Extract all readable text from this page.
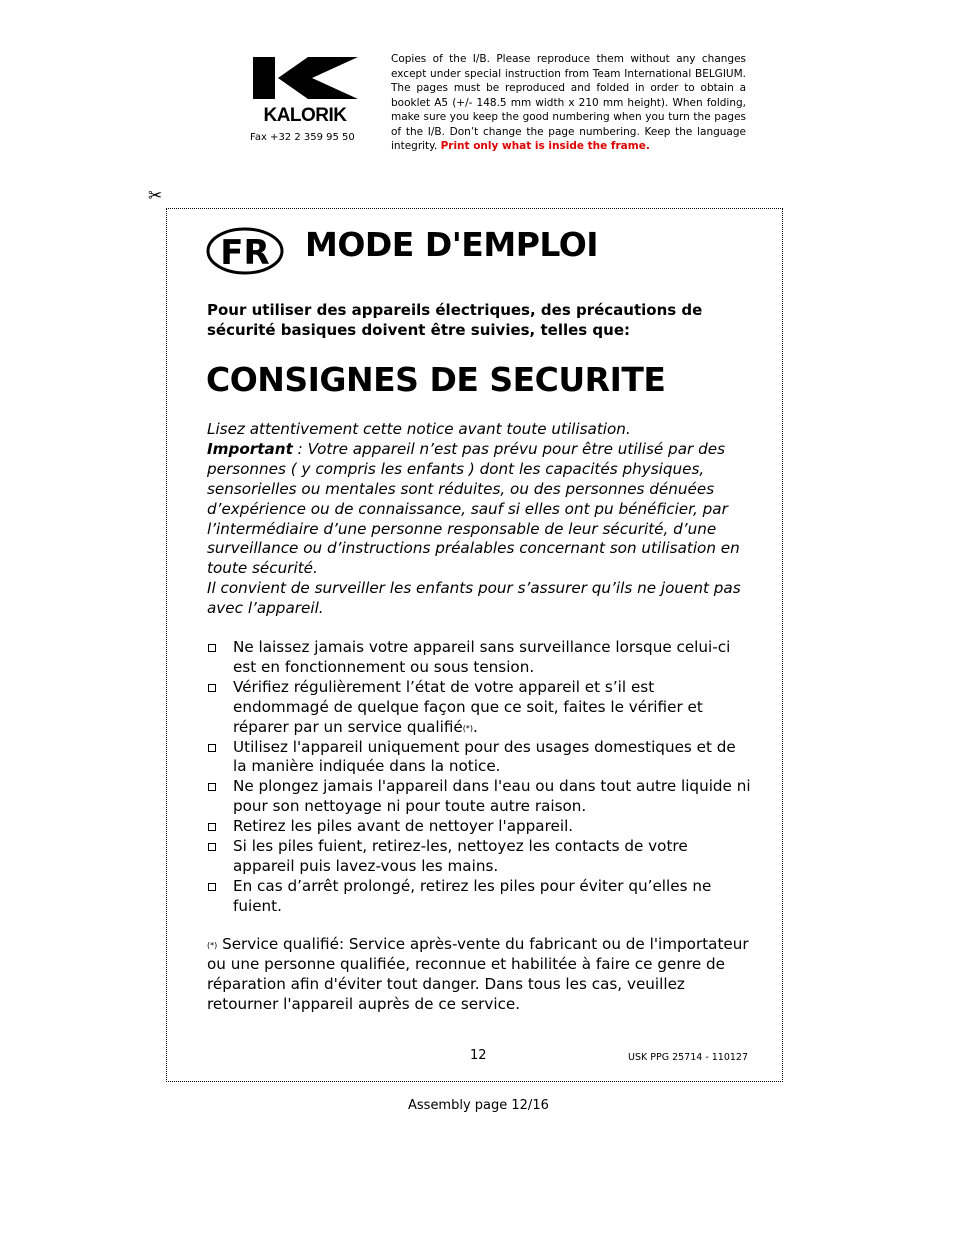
KALORIK
Fax +32 2 359 95 50
Copies of the I/B. Please reproduce them without any changes except under special instruction from Team International BELGIUM. The pages must be reproduced and folded in order to obtain a booklet A5 (+/- 148.5 mm width x 210 mm height). When folding, make sure you keep the good numbering when you turn the pages of the I/B. Don’t change the page numbering. Keep the language integrity. Print only what is inside the frame.
✂
FR MODE D'EMPLOI
Pour utiliser des appareils électriques, des précautions de sécurité basiques doivent être suivies, telles que:
CONSIGNES DE SECURITE

Lisez attentivement cette notice avant toute utilisation.

Important : Votre appareil n’est pas prévu pour être utilisé par des personnes ( y compris les enfants ) dont les capacités physiques, sensorielles ou mentales sont réduites, ou des personnes dénuées d’expérience ou de connaissance, sauf si elles ont pu bénéficier, par l’intermédiaire d’une personne responsable de leur sécurité, d’une surveillance ou d’instructions préalables concernant son utilisation en toute sécurité.

Il convient de surveiller les enfants pour s’assurer qu’ils ne jouent pas avec l’appareil.

Ne laissez jamais votre appareil sans surveillance lorsque celui-ci est en fonctionnement ou sous tension.
Vérifiez régulièrement l’état de votre appareil et s’il est endommagé de quelque façon que ce soit, faites le vérifier et réparer par un service qualifié(*).
Utilisez l'appareil uniquement pour des usages domestiques et de la manière indiquée dans la notice.
Ne plongez jamais l'appareil dans l'eau ou dans tout autre liquide ni pour son nettoyage ni pour toute autre raison.
Retirez les piles avant de nettoyer l'appareil.
Si les piles fuient, retirez-les, nettoyez les contacts de votre appareil puis lavez-vous les mains.
En cas d’arrêt prolongé, retirez les piles pour éviter qu’elles ne fuient.
(*) Service qualifié: Service après-vente du fabricant ou de l'importateur ou une personne qualifiée, reconnue et habilitée à faire ce genre de réparation afin d'éviter tout danger. Dans tous les cas, veuillez retourner l'appareil auprès de ce service.
12	USK PPG 25714 - 110127
Assembly page 12/16
